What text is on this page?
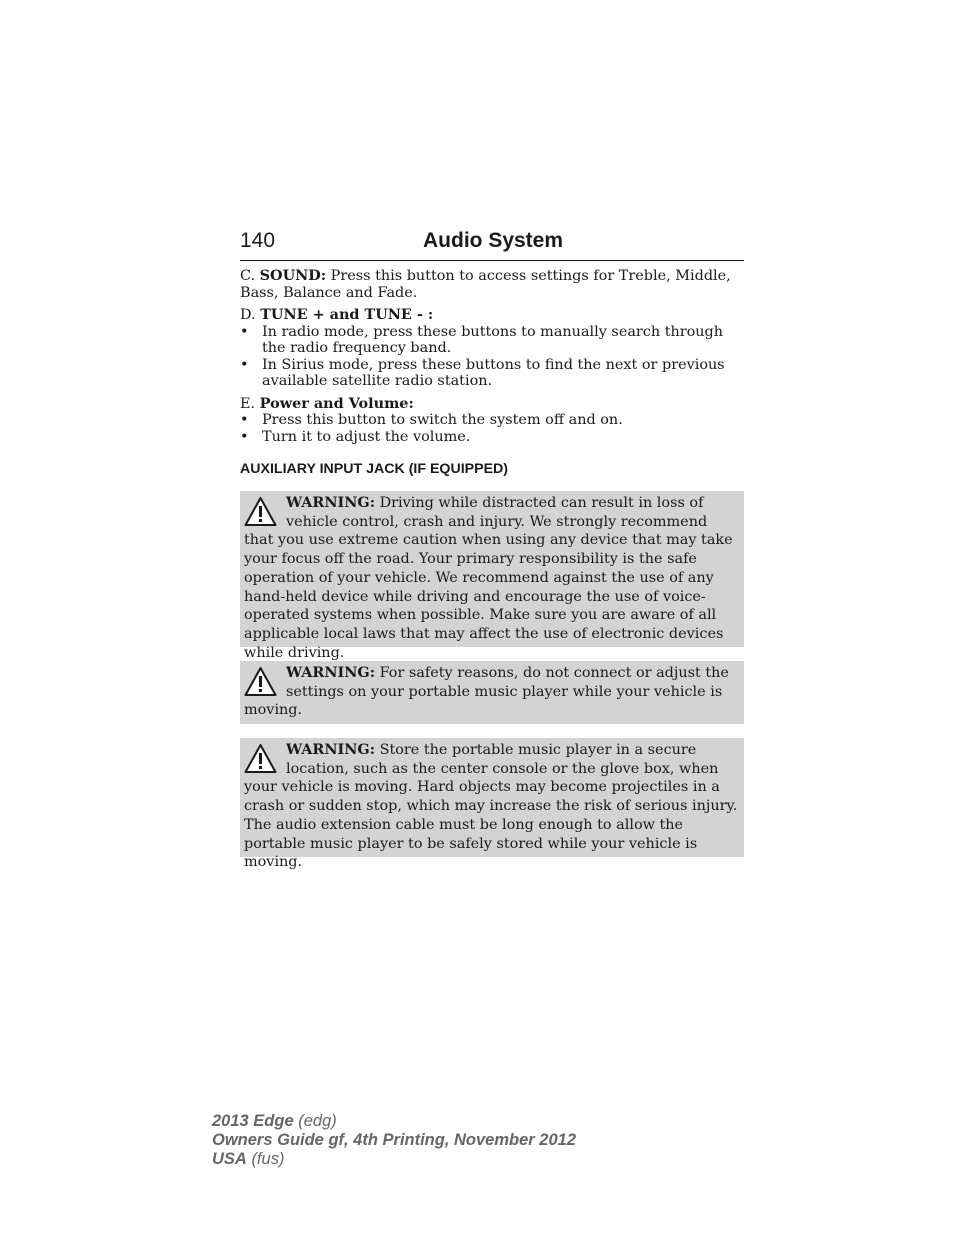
140	Audio System

C. SOUND: Press this button to access settings for Treble, Middle, Bass, Balance and Fade.

D. TUNE + and TUNE - :

• In radio mode, press these buttons to manually search through the radio frequency band.
• In Sirius mode, press these buttons to find the next or previous available satellite radio station.

E. Power and Volume:

• Press this button to switch the system off and on.
• Turn it to adjust the volume.
AUXILIARY INPUT JACK (IF EQUIPPED)
WARNING: Driving while distracted can result in loss of vehicle control, crash and injury. We strongly recommend that you use extreme caution when using any device that may take your focus off the road. Your primary responsibility is the safe operation of your vehicle. We recommend against the use of any hand-held device while driving and encourage the use of voice-operated systems when possible. Make sure you are aware of all applicable local laws that may affect the use of electronic devices while driving.
WARNING: For safety reasons, do not connect or adjust the settings on your portable music player while your vehicle is moving.
WARNING: Store the portable music player in a secure location, such as the center console or the glove box, when your vehicle is moving. Hard objects may become projectiles in a crash or sudden stop, which may increase the risk of serious injury. The audio extension cable must be long enough to allow the portable music player to be safely stored while your vehicle is moving.
2013 Edge (edg)
Owners Guide gf, 4th Printing, November 2012
USA (fus)
